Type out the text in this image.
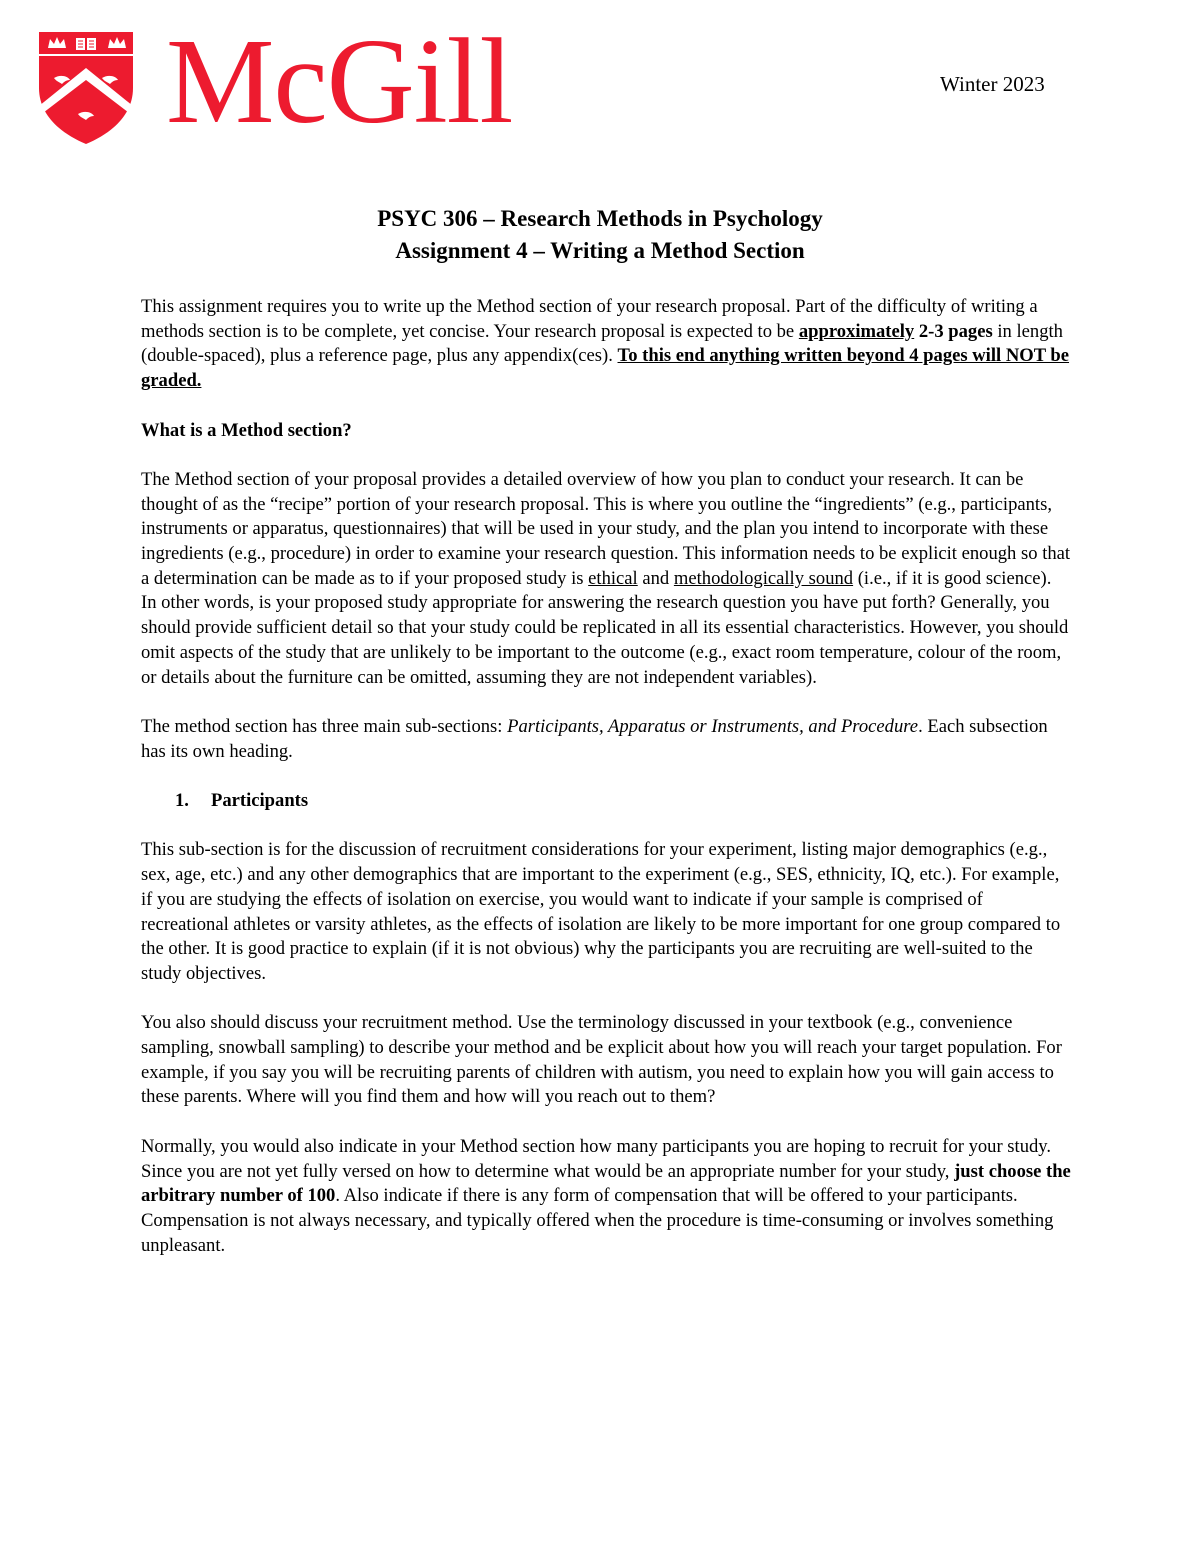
McGill	Winter 2023

PSYC 306 – Research Methods in Psychology

Assignment 4 – Writing a Method Section

This assignment requires you to write up the Method section of your research proposal. Part of the difficulty of writing a methods section is to be complete, yet concise. Your research proposal is expected to be approximately 2-3 pages in length (double-spaced), plus a reference page, plus any appendix(ces). To this end anything written beyond 4 pages will NOT be graded.

What is a Method section?

The Method section of your proposal provides a detailed overview of how you plan to conduct your research. It can be thought of as the “recipe” portion of your research proposal. This is where you outline the “ingredients” (e.g., participants, instruments or apparatus, questionnaires) that will be used in your study, and the plan you intend to incorporate with these ingredients (e.g., procedure) in order to examine your research question. This information needs to be explicit enough so that a determination can be made as to if your proposed study is ethical and methodologically sound (i.e., if it is good science). In other words, is your proposed study appropriate for answering the research question you have put forth? Generally, you should provide sufficient detail so that your study could be replicated in all its essential characteristics. However, you should omit aspects of the study that are unlikely to be important to the outcome (e.g., exact room temperature, colour of the room, or details about the furniture can be omitted, assuming they are not independent variables).

The method section has three main sub-sections: Participants, Apparatus or Instruments, and Procedure. Each subsection has its own heading.

1. Participants

This sub-section is for the discussion of recruitment considerations for your experiment, listing major demographics (e.g., sex, age, etc.) and any other demographics that are important to the experiment (e.g., SES, ethnicity, IQ, etc.). For example, if you are studying the effects of isolation on exercise, you would want to indicate if your sample is comprised of recreational athletes or varsity athletes, as the effects of isolation are likely to be more important for one group compared to the other. It is good practice to explain (if it is not obvious) why the participants you are recruiting are well-suited to the study objectives.

You also should discuss your recruitment method. Use the terminology discussed in your textbook (e.g., convenience sampling, snowball sampling) to describe your method and be explicit about how you will reach your target population. For example, if you say you will be recruiting parents of children with autism, you need to explain how you will gain access to these parents. Where will you find them and how will you reach out to them?

Normally, you would also indicate in your Method section how many participants you are hoping to recruit for your study. Since you are not yet fully versed on how to determine what would be an appropriate number for your study, just choose the arbitrary number of 100. Also indicate if there is any form of compensation that will be offered to your participants. Compensation is not always necessary, and typically offered when the procedure is time-consuming or involves something unpleasant.
